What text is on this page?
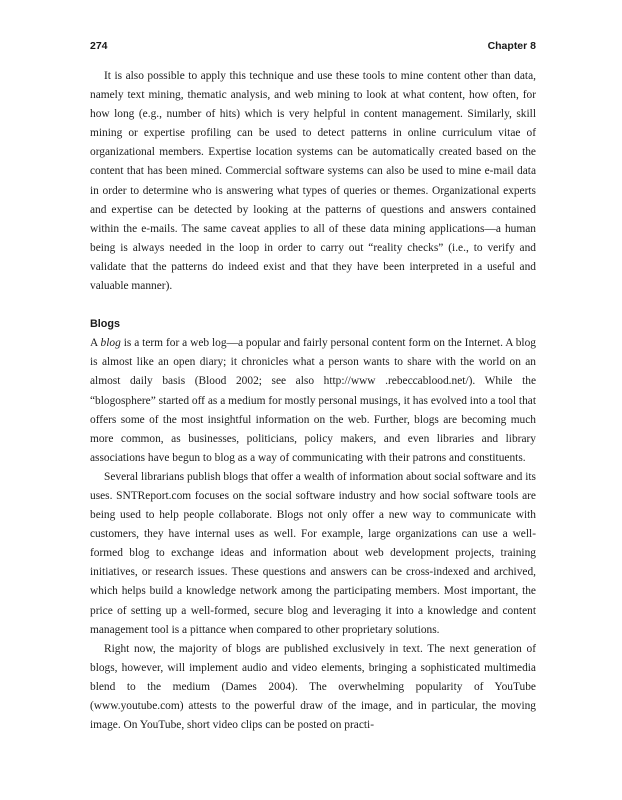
274	Chapter 8

It is also possible to apply this technique and use these tools to mine content other than data, namely text mining, thematic analysis, and web mining to look at what content, how often, for how long (e.g., number of hits) which is very helpful in content management. Similarly, skill mining or expertise profiling can be used to detect patterns in online curriculum vitae of organizational members. Expertise location systems can be automatically created based on the content that has been mined. Commercial software systems can also be used to mine e-mail data in order to determine who is answering what types of queries or themes. Organizational experts and expertise can be detected by looking at the patterns of questions and answers contained within the e-mails. The same caveat applies to all of these data mining applications—a human being is always needed in the loop in order to carry out “reality checks” (i.e., to verify and validate that the patterns do indeed exist and that they have been interpreted in a useful and valuable manner).

Blogs

A blog is a term for a web log—a popular and fairly personal content form on the Internet. A blog is almost like an open diary; it chronicles what a person wants to share with the world on an almost daily basis (Blood 2002; see also http://www .rebeccablood.net/). While the “blogosphere” started off as a medium for mostly personal musings, it has evolved into a tool that offers some of the most insightful information on the web. Further, blogs are becoming much more common, as businesses, politicians, policy makers, and even libraries and library associations have begun to blog as a way of communicating with their patrons and constituents.

Several librarians publish blogs that offer a wealth of information about social software and its uses. SNTReport.com focuses on the social software industry and how social software tools are being used to help people collaborate. Blogs not only offer a new way to communicate with customers, they have internal uses as well. For example, large organizations can use a well-formed blog to exchange ideas and information about web development projects, training initiatives, or research issues. These questions and answers can be cross-indexed and archived, which helps build a knowledge network among the participating members. Most important, the price of setting up a well-formed, secure blog and leveraging it into a knowledge and content management tool is a pittance when compared to other proprietary solutions.

Right now, the majority of blogs are published exclusively in text. The next generation of blogs, however, will implement audio and video elements, bringing a sophisticated multimedia blend to the medium (Dames 2004). The overwhelming popularity of YouTube (www.youtube.com) attests to the powerful draw of the image, and in particular, the moving image. On YouTube, short video clips can be posted on practi-
